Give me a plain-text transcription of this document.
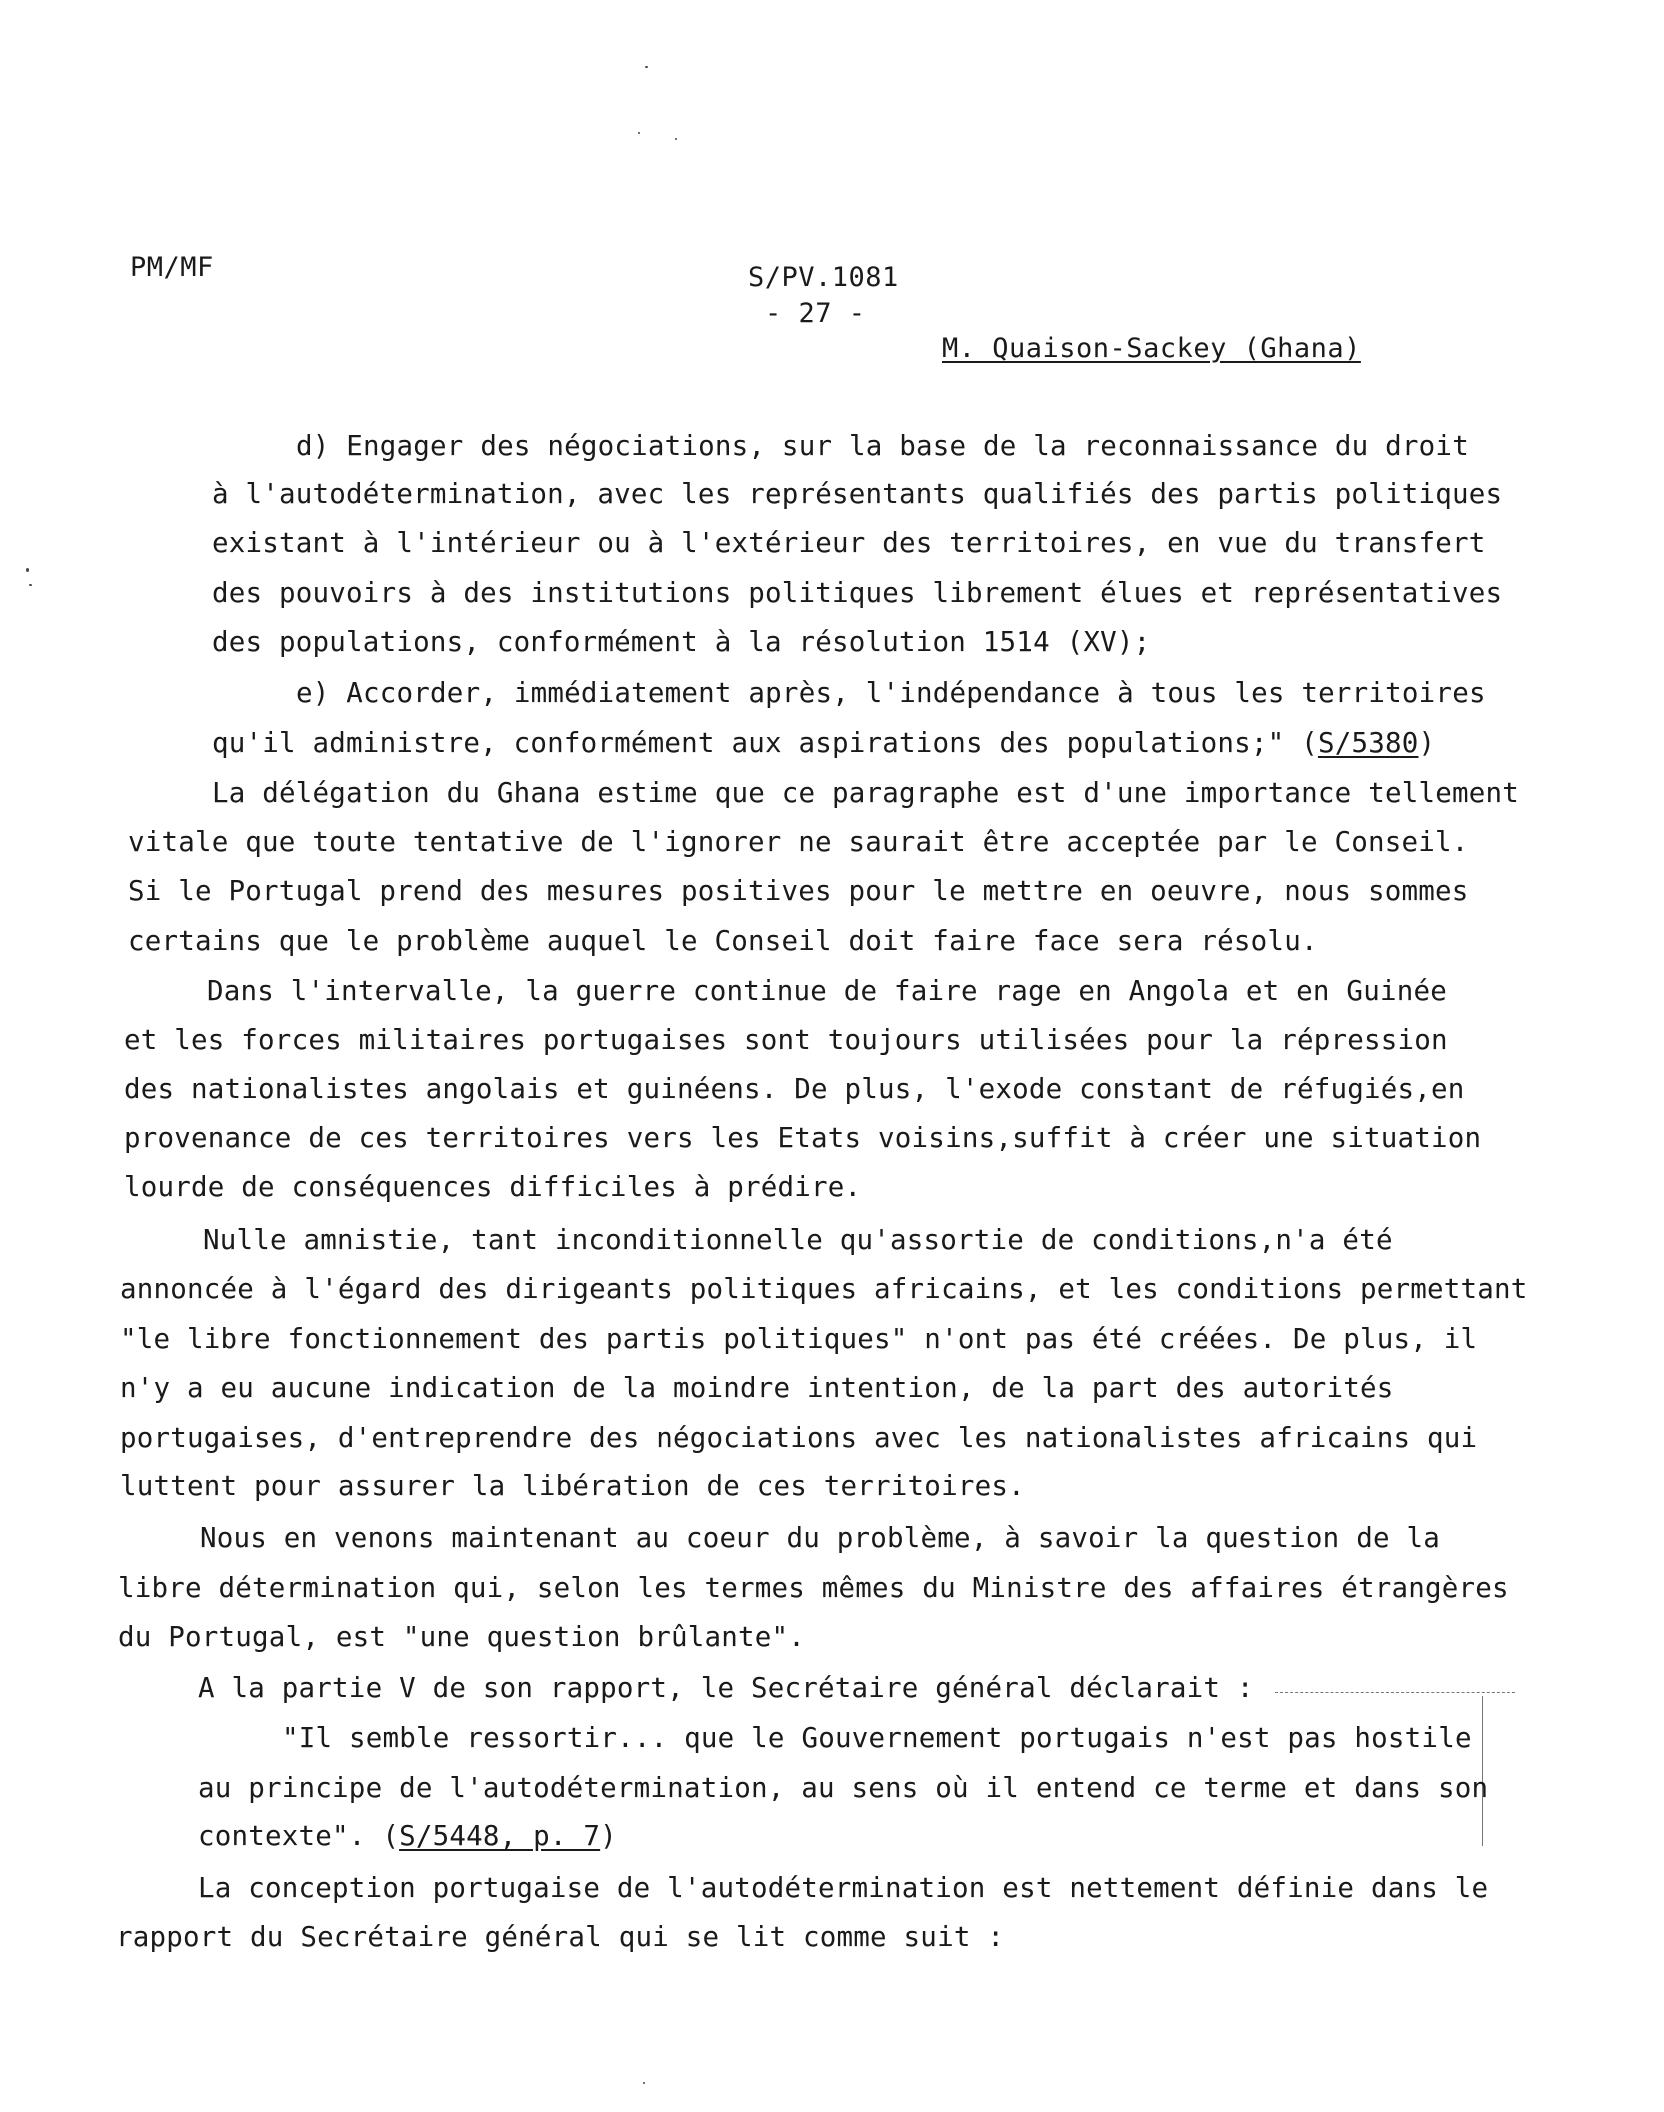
PM/MF	S/PV.1081
- 27 -
M. Quaison-Sackey (Ghana)
d) Engager des négociations, sur la base de la reconnaissance du droit
à l'autodétermination, avec les représentants qualifiés des partis politiques
existant à l'intérieur ou à l'extérieur des territoires, en vue du transfert
des pouvoirs à des institutions politiques librement élues et représentatives
des populations, conformément à la résolution 1514 (XV);
e) Accorder, immédiatement après, l'indépendance à tous les territoires
qu'il administre, conformément aux aspirations des populations;" (S/5380)
La délégation du Ghana estime que ce paragraphe est d'une importance tellement
vitale que toute tentative de l'ignorer ne saurait être acceptée par le Conseil.
Si le Portugal prend des mesures positives pour le mettre en oeuvre, nous sommes
certains que le problème auquel le Conseil doit faire face sera résolu.
Dans l'intervalle, la guerre continue de faire rage en Angola et en Guinée
et les forces militaires portugaises sont toujours utilisées pour la répression
des nationalistes angolais et guinéens. De plus, l'exode constant de réfugiés,en
provenance de ces territoires vers les Etats voisins,suffit à créer une situation
lourde de conséquences difficiles à prédire.
Nulle amnistie, tant inconditionnelle qu'assortie de conditions,n'a été
annoncée à l'égard des dirigeants politiques africains, et les conditions permettant
"le libre fonctionnement des partis politiques" n'ont pas été créées. De plus, il
n'y a eu aucune indication de la moindre intention, de la part des autorités
portugaises, d'entreprendre des négociations avec les nationalistes africains qui
luttent pour assurer la libération de ces territoires.
Nous en venons maintenant au coeur du problème, à savoir la question de la
libre détermination qui, selon les termes mêmes du Ministre des affaires étrangères
du Portugal, est "une question brûlante".
A la partie V de son rapport, le Secrétaire général déclarait :
"Il semble ressortir... que le Gouvernement portugais n'est pas hostile
au principe de l'autodétermination, au sens où il entend ce terme et dans son
contexte". (S/5448, p. 7)
La conception portugaise de l'autodétermination est nettement définie dans le
rapport du Secrétaire général qui se lit comme suit :
